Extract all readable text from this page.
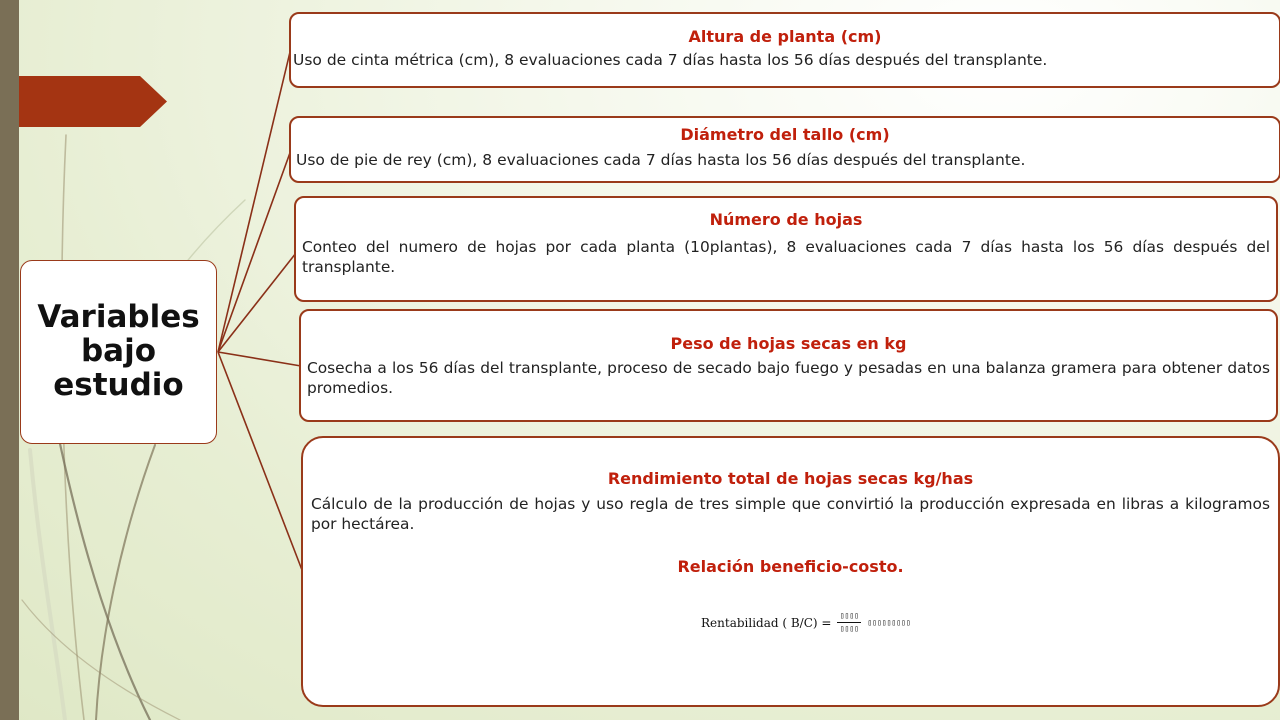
Variables
bajo
estudio
Altura de planta (cm)
Uso de cinta métrica (cm), 8 evaluaciones cada 7 días hasta los 56 días después del transplante.
Diámetro del tallo (cm)
Uso de pie de rey (cm), 8 evaluaciones cada 7 días hasta los 56 días después del transplante.
Número de hojas
Conteo del numero de hojas por cada planta (10plantas), 8 evaluaciones cada 7 días hasta los 56 días después del transplante.
Peso de hojas secas en kg
Cosecha a los 56 días del transplante, proceso de secado bajo fuego y pesadas en una balanza gramera para obtener datos promedios.
Rendimiento total de hojas secas kg/has
Cálculo de la producción de hojas y uso regla de tres simple que convirtió la producción expresada en libras a kilogramos por hectárea.
Relación beneficio-costo.
Rentabilidad ( $B/C) = \frac{▯▯▯▯}{▯▯▯▯}$ ▯▯▯▯▯▯▯▯▯
